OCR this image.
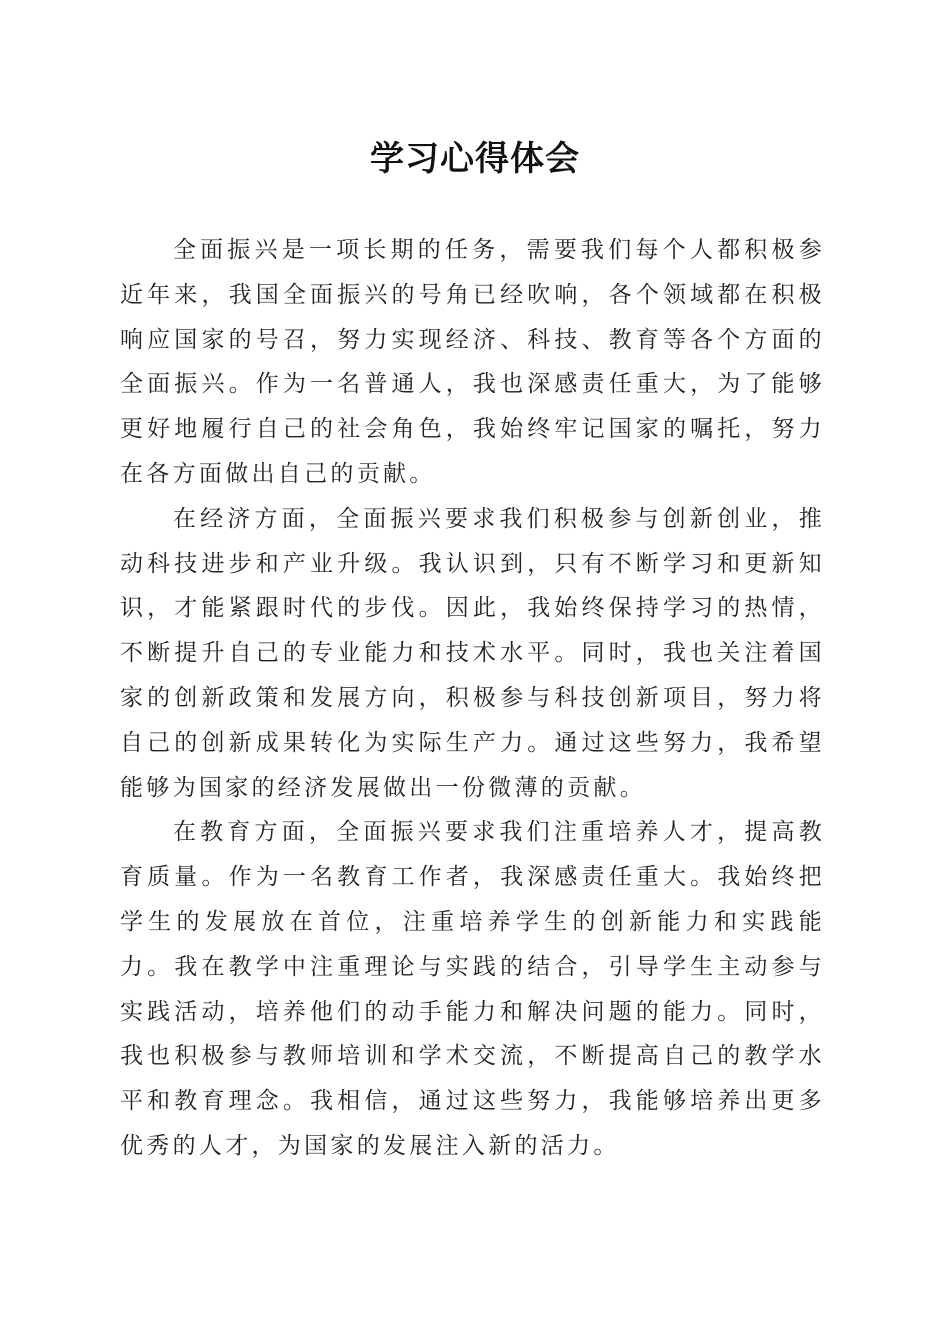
学习心得体会

全面振兴是一项长期的任务，需要我们每个人都积极参近年来，我国全面振兴的号角已经吹响，各个领域都在积极响应国家的号召，努力实现经济、科技、教育等各个方面的全面振兴。作为一名普通人，我也深感责任重大，为了能够更好地履行自己的社会角色，我始终牢记国家的嘱托，努力在各方面做出自己的贡献。

在经济方面，全面振兴要求我们积极参与创新创业，推动科技进步和产业升级。我认识到，只有不断学习和更新知识，才能紧跟时代的步伐。因此，我始终保持学习的热情，不断提升自己的专业能力和技术水平。同时，我也关注着国家的创新政策和发展方向，积极参与科技创新项目，努力将自己的创新成果转化为实际生产力。通过这些努力，我希望能够为国家的经济发展做出一份微薄的贡献。

在教育方面，全面振兴要求我们注重培养人才，提高教育质量。作为一名教育工作者，我深感责任重大。我始终把学生的发展放在首位，注重培养学生的创新能力和实践能力。我在教学中注重理论与实践的结合，引导学生主动参与实践活动，培养他们的动手能力和解决问题的能力。同时，我也积极参与教师培训和学术交流，不断提高自己的教学水平和教育理念。我相信，通过这些努力，我能够培养出更多优秀的人才，为国家的发展注入新的活力。
